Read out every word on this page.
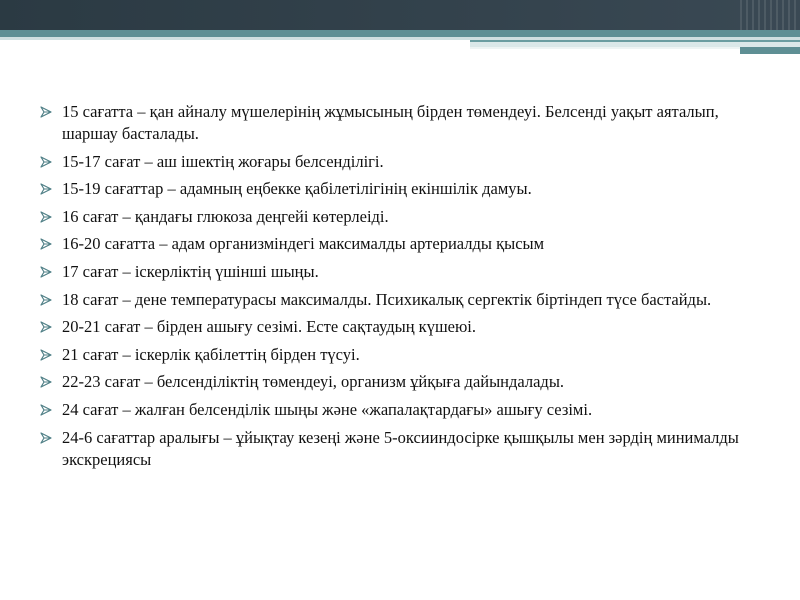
15 сағатта – қан айналу мүшелерінің жұмысының бірден төмендеуі. Белсенді уақыт аяталып, шаршау басталады.
15-17 сағат – аш ішектің жоғары белсенділігі.
15-19 сағаттар – адамның еңбекке қабілетілігінің екіншілік дамуы.
16 сағат – қандағы глюкоза деңгейі көтерлеіді.
16-20 сағатта – адам организміндегі максималды артериалды қысым
17 сағат – іскерліктің үшінші шыңы.
18 сағат – дене температурасы максималды. Психикалық сергектік біртіндеп түсе бастайды.
20-21 сағат – бірден ашығу сезімі. Есте сақтаудың күшеюі.
21 сағат – іскерлік қабілеттің бірден түсуі.
22-23 сағат – белсенділіктің төмендеуі, организм ұйқыға дайындалады.
24 сағат – жалған белсенділік шыңы және «жапалақтардағы» ашығу сезімі.
24-6 сағаттар аралығы – ұйықтау кезеңі және 5-оксииндосірке қышқылы мен зәрдің минималды экскрециясы
